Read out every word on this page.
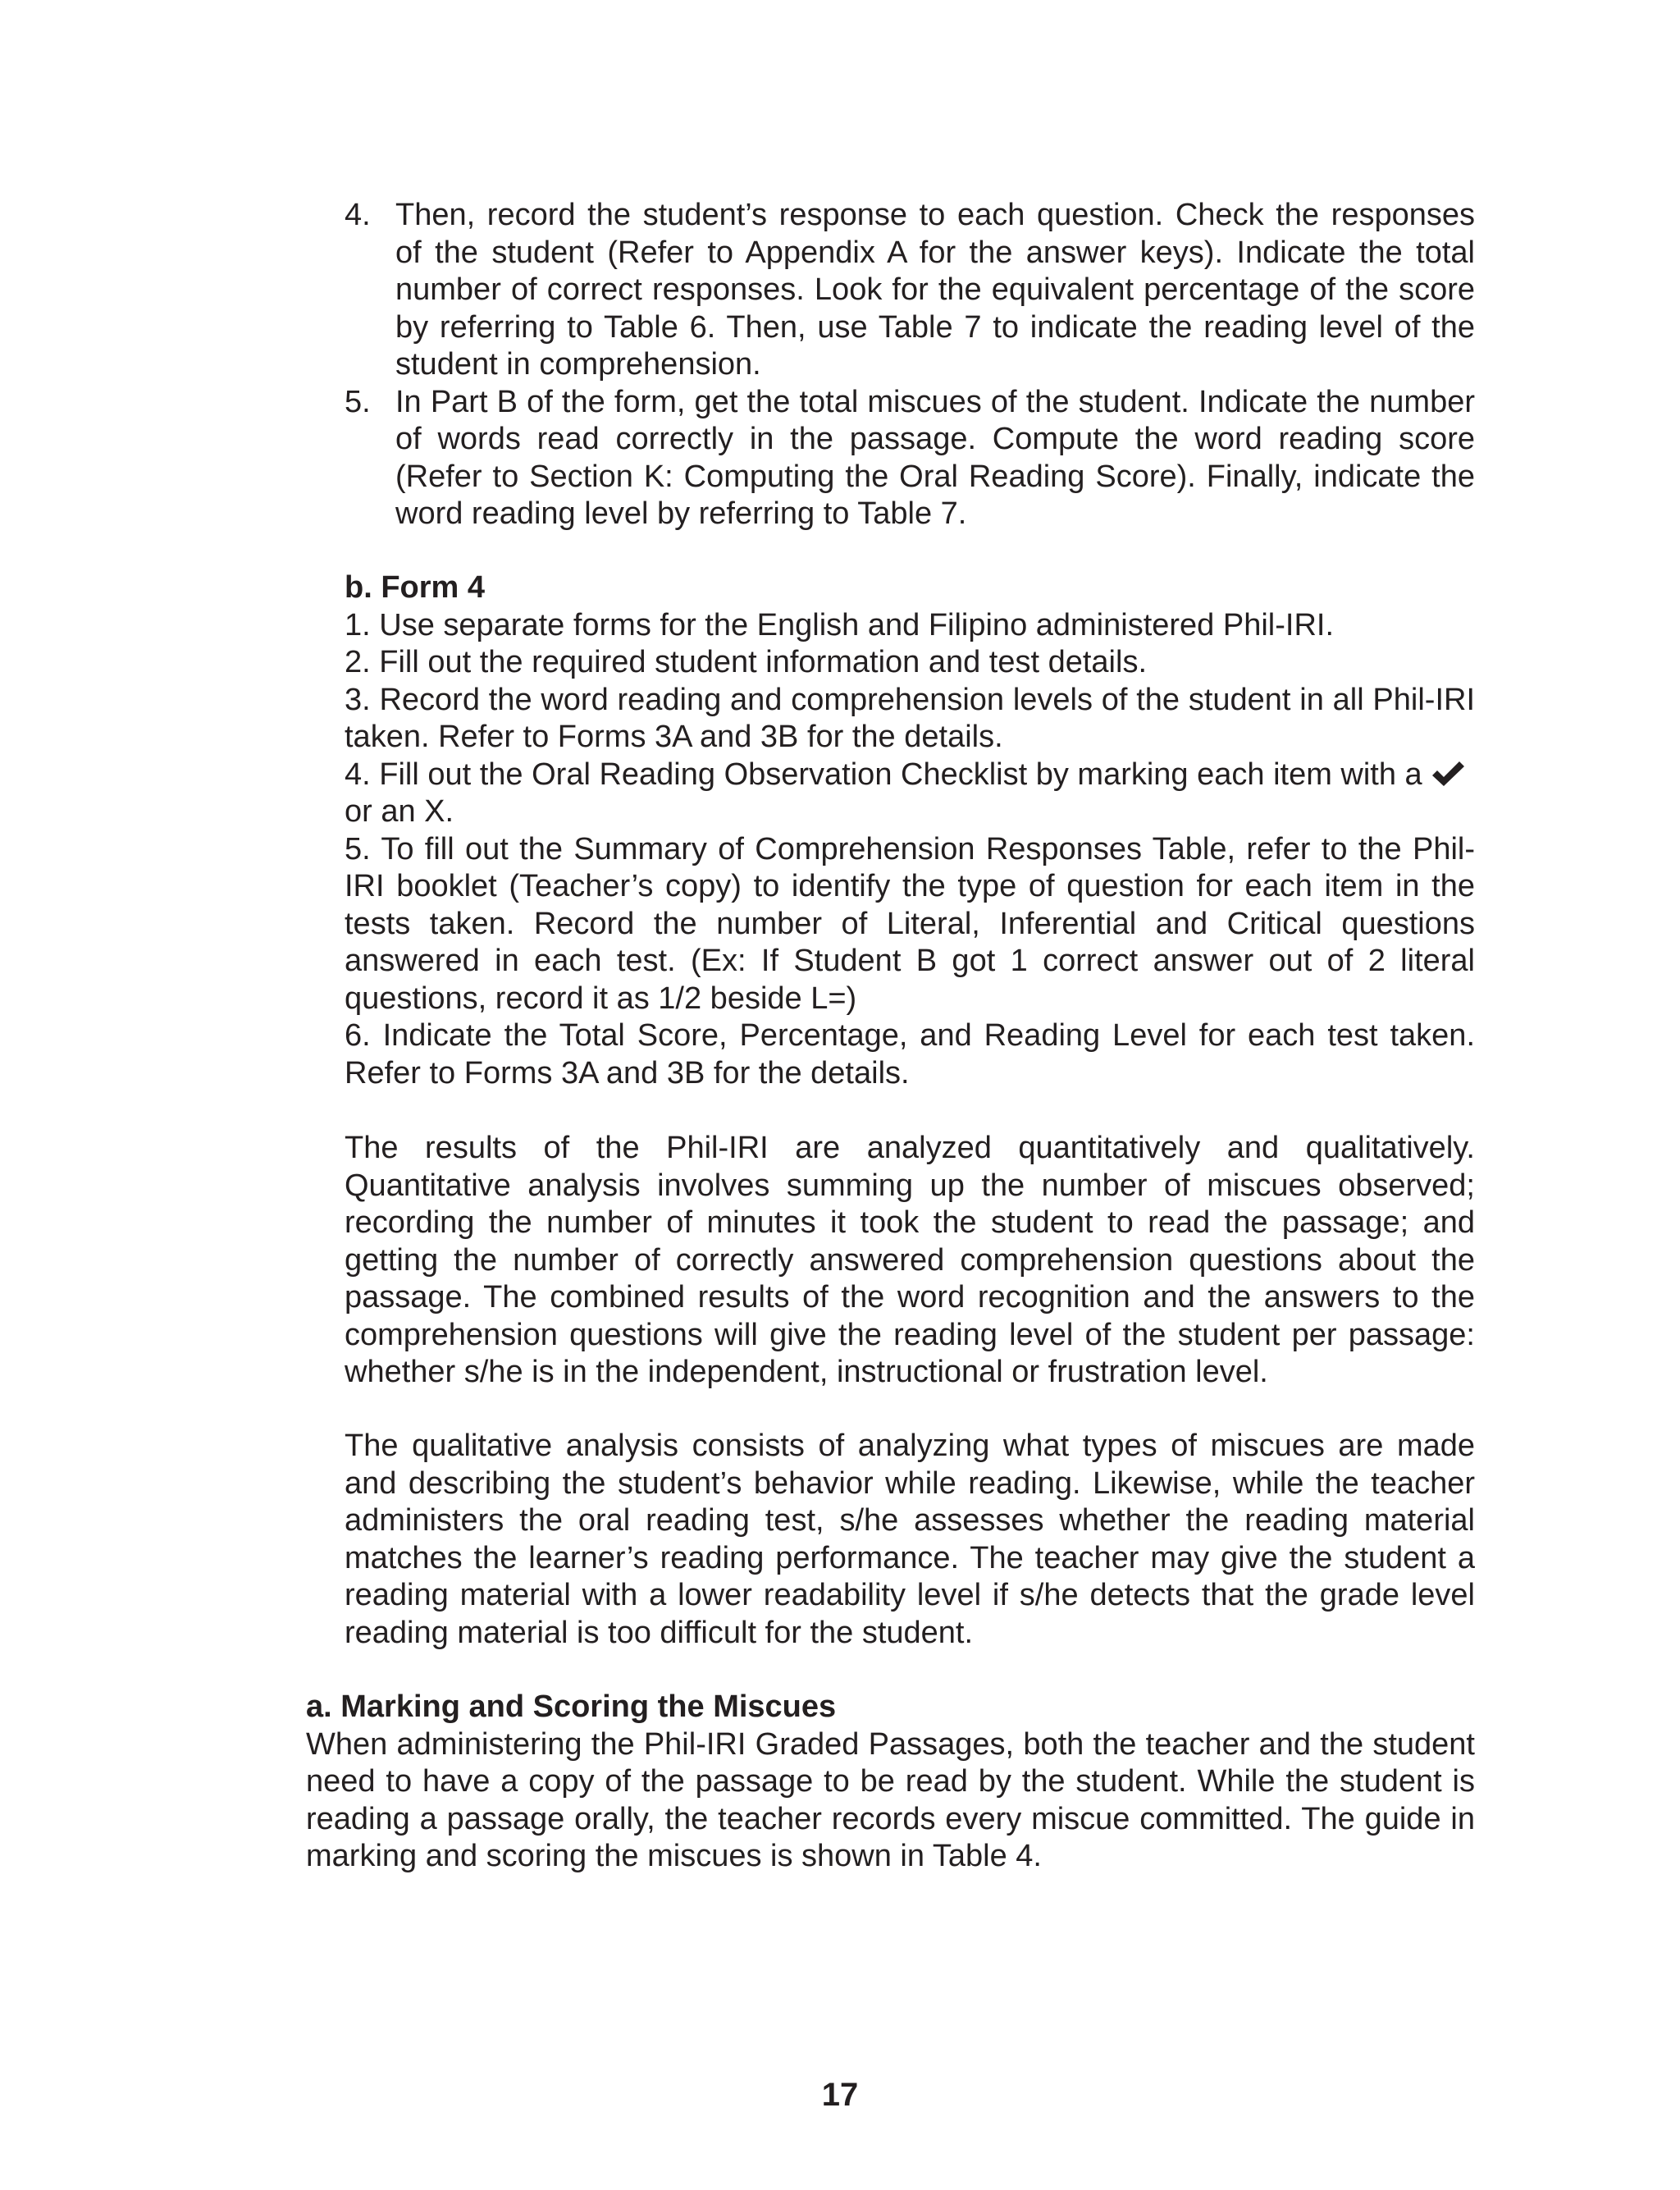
4. Then, record the student’s response to each question. Check the responses of the student (Refer to Appendix A for the answer keys). Indicate the total number of correct responses. Look for the equivalent percentage of the score by referring to Table 6. Then, use Table 7 to indicate the reading level of the student in comprehension.
5. In Part B of the form, get the total miscues of the student. Indicate the number of words read correctly in the passage. Compute the word reading score (Refer to Section K: Computing the Oral Reading Score). Finally, indicate the word reading level by referring to Table 7.

b. Form 4

1. Use separate forms for the English and Filipino administered Phil-IRI.

2. Fill out the required student information and test details.

3. Record the word reading and comprehension levels of the student in all Phil-IRI taken. Refer to Forms 3A and 3B for the details.

4. Fill out the Oral Reading Observation Checklist by marking each item with a
or an X.

5. To fill out the Summary of Comprehension Responses Table, refer to the Phil-IRI booklet (Teacher’s copy) to identify the type of question for each item in the tests taken. Record the number of Literal, Inferential and Critical questions answered in each test. (Ex: If Student B got 1 correct answer out of 2 literal questions, record it as 1/2 beside L=)

6. Indicate the Total Score, Percentage, and Reading Level for each test taken. Refer to Forms 3A and 3B for the details.

The results of the Phil-IRI are analyzed quantitatively and qualitatively. Quantitative analysis involves summing up the number of miscues observed; recording the number of minutes it took the student to read the passage; and getting the number of correctly answered comprehension questions about the passage. The combined results of the word recognition and the answers to the comprehension questions will give the reading level of the student per passage: whether s/he is in the independent, instructional or frustration level.

The qualitative analysis consists of analyzing what types of miscues are made and describing the student’s behavior while reading. Likewise, while the teacher administers the oral reading test, s/he assesses whether the reading material matches the learner’s reading performance. The teacher may give the student a reading material with a lower readability level if s/he detects that the grade level reading material is too difficult for the student.

a. Marking and Scoring the Miscues

When administering the Phil-IRI Graded Passages, both the teacher and the student need to have a copy of the passage to be read by the student. While the student is reading a passage orally, the teacher records every miscue committed. The guide in marking and scoring the miscues is shown in Table 4.

17
